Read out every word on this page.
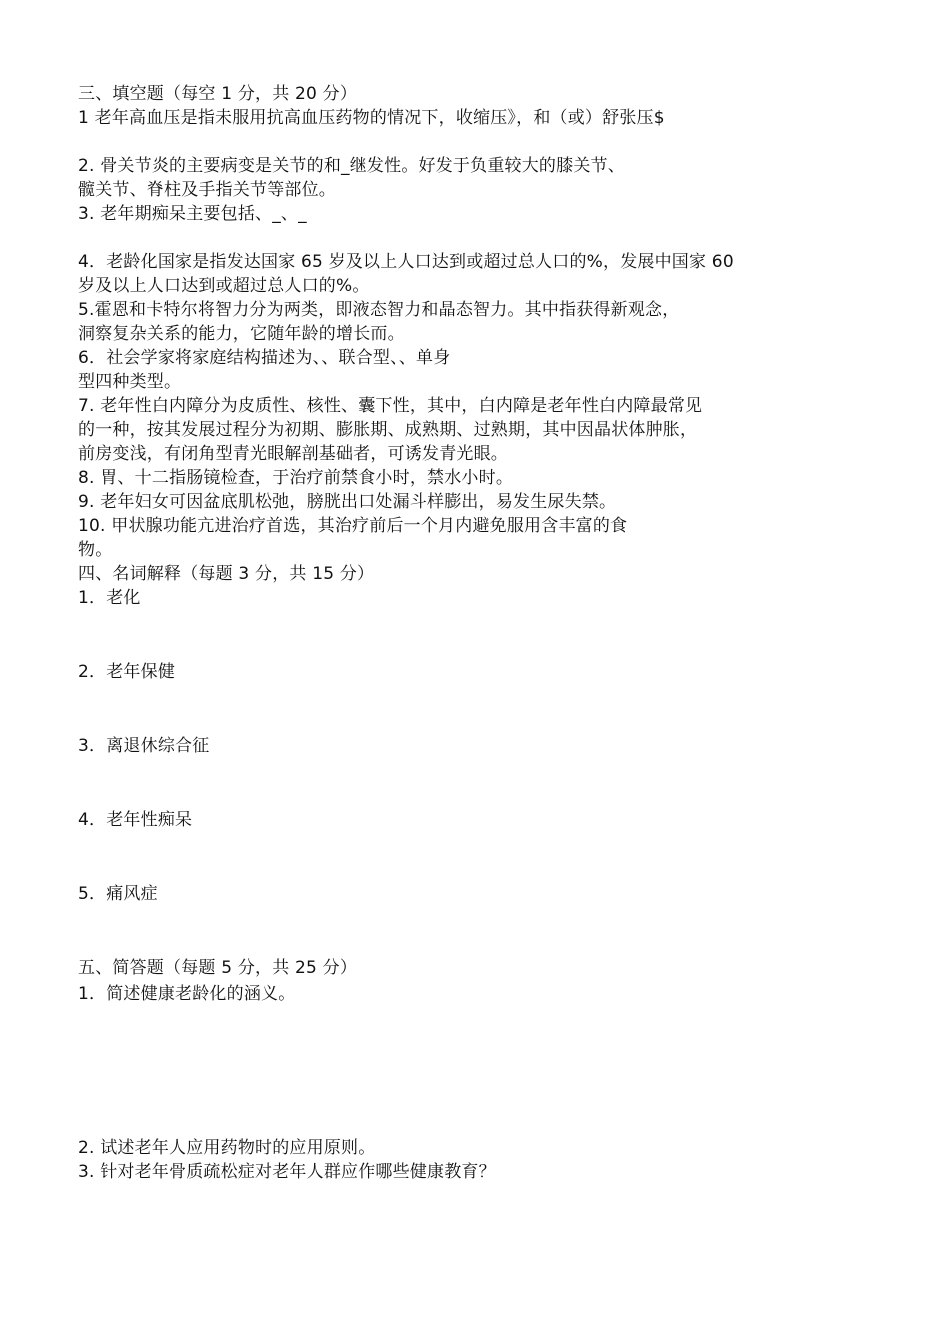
三、填空题（每空 1 分，共 20 分）
1 老年高血压是指未服用抗高血压药物的情况下，收缩压》，和（或）舒张压$
2. 骨关节炎的主要病变是关节的和_继发性。好发于负重较大的膝关节、
髋关节、脊柱及手指关节等部位。
3. 老年期痴呆主要包括、_、_
4．老龄化国家是指发达国家 65 岁及以上人口达到或超过总人口的%，发展中国家 60
岁及以上人口达到或超过总人口的%。
5.霍恩和卡特尔将智力分为两类，即液态智力和晶态智力。其中指获得新观念，
洞察复杂关系的能力，它随年龄的增长而。
6．社会学家将家庭结构描述为、、联合型、、单身
型四种类型。
7. 老年性白内障分为皮质性、核性、囊下性，其中，白内障是老年性白内障最常见
的一种，按其发展过程分为初期、膨胀期、成熟期、过熟期，其中因晶状体肿胀，
前房变浅，有闭角型青光眼解剖基础者，可诱发青光眼。
8. 胃、十二指肠镜检查，于治疗前禁食小时，禁水小时。
9. 老年妇女可因盆底肌松弛，膀胱出口处漏斗样膨出，易发生尿失禁。
10. 甲状腺功能亢进治疗首选，其治疗前后一个月内避免服用含丰富的食
物。
四、名词解释（每题 3 分，共 15 分）
1．老化
2．老年保健
3．离退休综合征
4．老年性痴呆
5．痛风症
五、简答题（每题 5 分，共 25 分）
1．简述健康老龄化的涵义。
2. 试述老年人应用药物时的应用原则。
3. 针对老年骨质疏松症对老年人群应作哪些健康教育？
